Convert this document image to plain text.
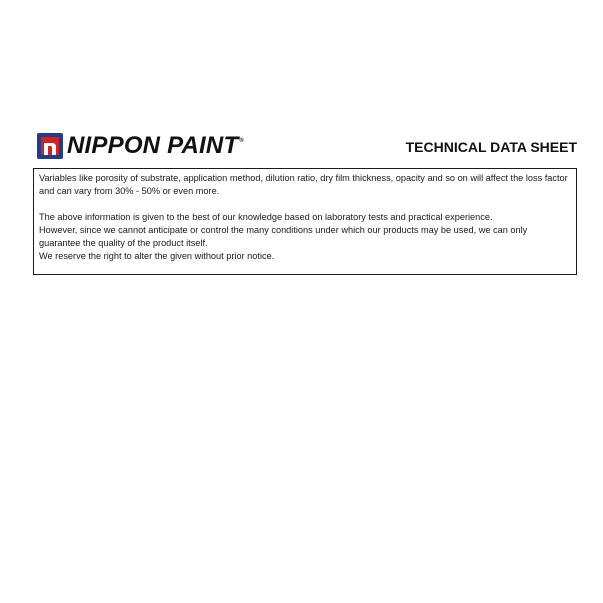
NIPPON PAINT®	TECHNICAL DATA SHEET

Variables like porosity of substrate, application method, dilution ratio, dry film thickness, opacity and so on will affect the loss factor and can vary from 30% - 50% or even more.

The above information is given to the best of our knowledge based on laboratory tests and practical experience.

However, since we cannot anticipate or control the many conditions under which our products may be used, we can only guarantee the quality of the product itself.

We reserve the right to alter the given without prior notice.
